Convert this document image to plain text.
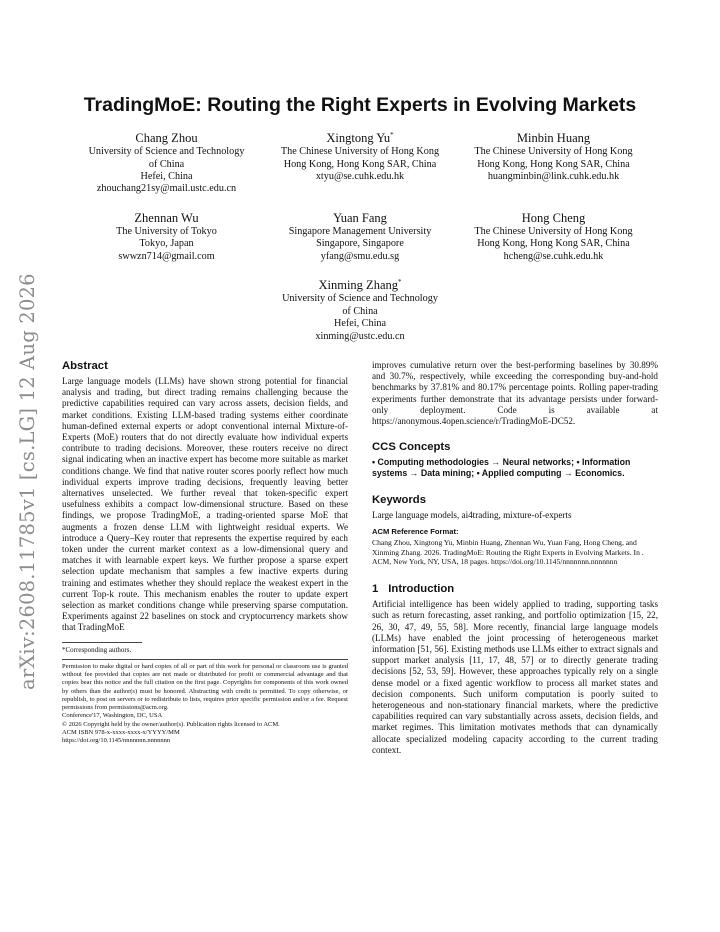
arXiv:2608.11785v1 [cs.LG] 12 Aug 2026
TradingMoE: Routing the Right Experts in Evolving Markets
Chang Zhou
University of Science and Technology
of China
Hefei, China
zhouchang21sy@mail.ustc.edu.cn
Xingtong Yu*
The Chinese University of Hong Kong
Hong Kong, Hong Kong SAR, China
xtyu@se.cuhk.edu.hk
Minbin Huang
The Chinese University of Hong Kong
Hong Kong, Hong Kong SAR, China
huangminbin@link.cuhk.edu.hk
Zhennan Wu
The University of Tokyo
Tokyo, Japan
swwzn714@gmail.com
Yuan Fang
Singapore Management University
Singapore, Singapore
yfang@smu.edu.sg
Hong Cheng
The Chinese University of Hong Kong
Hong Kong, Hong Kong SAR, China
hcheng@se.cuhk.edu.hk
Xinming Zhang*
University of Science and Technology
of China
Hefei, China
xinming@ustc.edu.cn
Abstract

Large language models (LLMs) have shown strong potential for financial analysis and trading, but direct trading remains challenging because the predictive capabilities required can vary across assets, decision fields, and market conditions. Existing LLM-based trading systems either coordinate human-defined external experts or adopt conventional internal Mixture-of-Experts (MoE) routers that do not directly evaluate how individual experts contribute to trading decisions. Moreover, these routers receive no direct signal indicating when an inactive expert has become more suitable as market conditions change. We find that native router scores poorly reflect how much individual experts improve trading decisions, frequently leaving better alternatives unselected. We further reveal that token-specific expert usefulness exhibits a compact low-dimensional structure. Based on these findings, we propose TradingMoE, a trading-oriented sparse MoE that augments a frozen dense LLM with lightweight residual experts. We introduce a Query–Key router that represents the expertise required by each token under the current market context as a low-dimensional query and matches it with learnable expert keys. We further propose a sparse expert selection update mechanism that samples a few inactive experts during training and estimates whether they should replace the weakest expert in the current Top-k route. This mechanism enables the router to update expert selection as market conditions change while preserving sparse computation. Experiments against 22 baselines on stock and cryptocurrency markets show that TradingMoE

*Corresponding authors.

Permission to make digital or hard copies of all or part of this work for personal or classroom use is granted without fee provided that copies are not made or distributed for profit or commercial advantage and that copies bear this notice and the full citation on the first page. Copyrights for components of this work owned by others than the author(s) must be honored. Abstracting with credit is permitted. To copy otherwise, or republish, to post on servers or to redistribute to lists, requires prior specific permission and/or a fee. Request permissions from permissions@acm.org.

Conference'17, Washington, DC, USA

© 2026 Copyright held by the owner/author(s). Publication rights licensed to ACM.

ACM ISBN 978-x-xxxx-xxxx-x/YYYY/MM

https://doi.org/10.1145/nnnnnnn.nnnnnnn

improves cumulative return over the best-performing baselines by 30.89% and 30.7%, respectively, while exceeding the corresponding buy-and-hold benchmarks by 37.81% and 80.17% percentage points. Rolling paper-trading experiments further demonstrate that its advantage persists under forward-only deployment. Code is available at https://anonymous.4open.science/r/TradingMoE-DC52.

CCS Concepts

• Computing methodologies → Neural networks; • Information systems → Data mining; • Applied computing → Economics.

Keywords

Large language models, ai4trading, mixture-of-experts

ACM Reference Format:

Chang Zhou, Xingtong Yu, Minbin Huang, Zhennan Wu, Yuan Fang, Hong Cheng, and Xinming Zhang. 2026. TradingMoE: Routing the Right Experts in Evolving Markets. In . ACM, New York, NY, USA, 18 pages. https://doi.org/10.1145/nnnnnnn.nnnnnnn

1 Introduction

Artificial intelligence has been widely applied to trading, supporting tasks such as return forecasting, asset ranking, and portfolio optimization [15, 22, 26, 30, 47, 49, 55, 58]. More recently, financial large language models (LLMs) have enabled the joint processing of heterogeneous market information [51, 56]. Existing methods use LLMs either to extract signals and support market analysis [11, 17, 48, 57] or to directly generate trading decisions [52, 53, 59]. However, these approaches typically rely on a single dense model or a fixed agentic workflow to process all market states and decision components. Such uniform computation is poorly suited to heterogeneous and non-stationary financial markets, where the predictive capabilities required can vary substantially across assets, decision fields, and market regimes. This limitation motivates methods that can dynamically allocate specialized modeling capacity according to the current trading context.
